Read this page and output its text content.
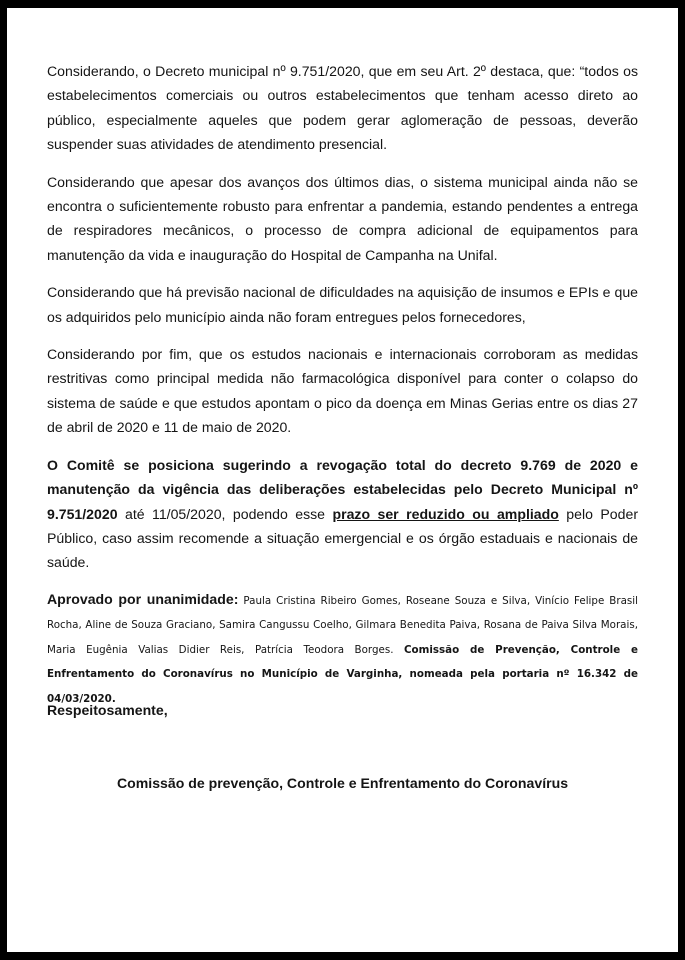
Considerando, o Decreto municipal nº 9.751/2020, que em seu Art. 2º destaca, que: “todos os estabelecimentos comerciais ou outros estabelecimentos que tenham acesso direto ao público, especialmente aqueles que podem gerar aglomeração de pessoas, deverão suspender suas atividades de atendimento presencial.

Considerando que apesar dos avanços dos últimos dias, o sistema municipal ainda não se encontra o suficientemente robusto para enfrentar a pandemia, estando pendentes a entrega de respiradores mecânicos, o processo de compra adicional de equipamentos para manutenção da vida e inauguração do Hospital de Campanha na Unifal.

Considerando que há previsão nacional de dificuldades na aquisição de insumos e EPIs e que os adquiridos pelo município ainda não foram entregues pelos fornecedores,

Considerando por fim, que os estudos nacionais e internacionais corroboram as medidas restritivas como principal medida não farmacológica disponível para conter o colapso do sistema de saúde e que estudos apontam o pico da doença em Minas Gerias entre os dias 27 de abril de 2020 e 11 de maio de 2020.

O Comitê se posiciona sugerindo a revogação total do decreto 9.769 de 2020 e manutenção da vigência das deliberações estabelecidas pelo Decreto Municipal nº 9.751/2020 até 11/05/2020, podendo esse prazo ser reduzido ou ampliado pelo Poder Público, caso assim recomende a situação emergencial e os órgão estaduais e nacionais de saúde.

Aprovado por unanimidade: Paula Cristina Ribeiro Gomes, Roseane Souza e Silva, Vinício Felipe Brasil Rocha, Aline de Souza Graciano, Samira Cangussu Coelho, Gilmara Benedita Paiva, Rosana de Paiva Silva Morais, Maria Eugênia Valias Didier Reis, Patrícia Teodora Borges. Comissão de Prevenção, Controle e Enfrentamento do Coronavírus no Município de Varginha, nomeada pela portaria nº 16.342 de 04/03/2020.

Respeitosamente,
Comissão de prevenção, Controle e Enfrentamento do Coronavírus
